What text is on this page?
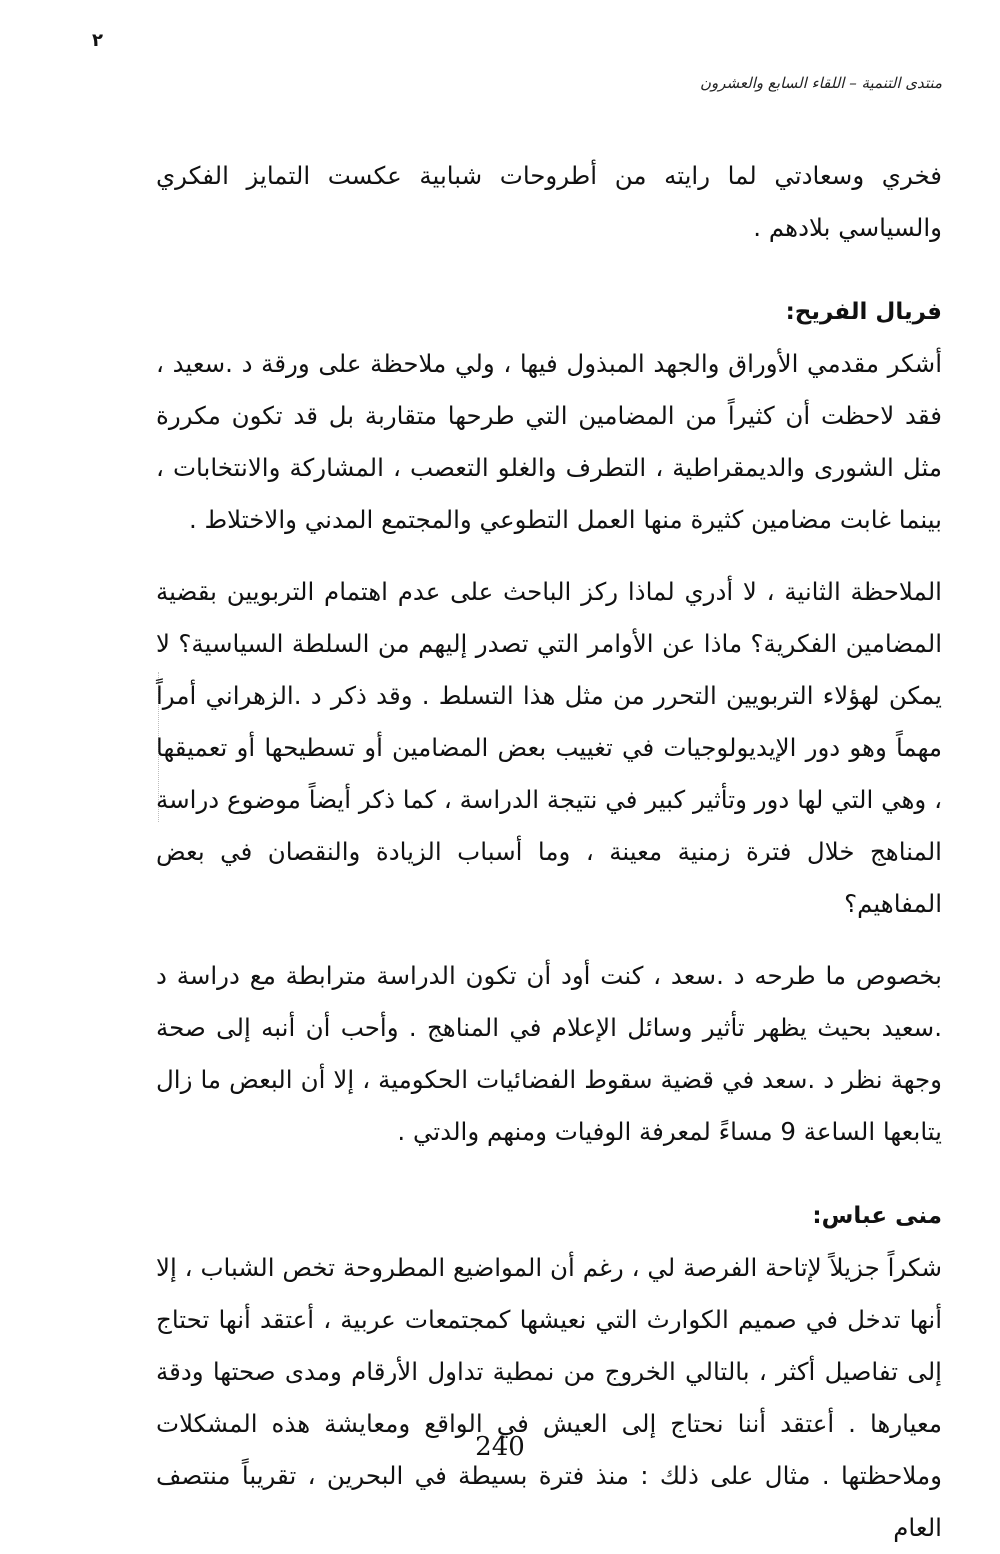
٢
منتدى التنمية – اللقاء السابع والعشرون

فخري وسعادتي لما رايته من أطروحات شبابية عكست التمايز الفكري والسياسي بلادهم .

فريال الفريح:

أشكر مقدمي الأوراق والجهد المبذول فيها ، ولي ملاحظة على ورقة د .سعيد ، فقد لاحظت أن كثيراً من المضامين التي طرحها متقاربة بل قد تكون مكررة مثل الشورى والديمقراطية ، التطرف والغلو التعصب ، المشاركة والانتخابات ، بينما غابت مضامين كثيرة منها العمل التطوعي والمجتمع المدني والاختلاط .

الملاحظة الثانية ، لا أدري لماذا ركز الباحث على عدم اهتمام التربويين بقضية المضامين الفكرية؟ ماذا عن الأوامر التي تصدر إليهم من السلطة السياسية؟ لا يمكن لهؤلاء التربويين التحرر من مثل هذا التسلط . وقد ذكر د .الزهراني أمراً مهماً وهو دور الإيديولوجيات في تغييب بعض المضامين أو تسطيحها أو تعميقها ، وهي التي لها دور وتأثير كبير في نتيجة الدراسة ، كما ذكر أيضاً موضوع دراسة المناهج خلال فترة زمنية معينة ، وما أسباب الزيادة والنقصان في بعض المفاهيم؟

بخصوص ما طرحه د .سعد ، كنت أود أن تكون الدراسة مترابطة مع دراسة د .سعيد بحيث يظهر تأثير وسائل الإعلام في المناهج . وأحب أن أنبه إلى صحة وجهة نظر د .سعد في قضية سقوط الفضائيات الحكومية ، إلا أن البعض ما زال يتابعها الساعة 9 مساءً لمعرفة الوفيات ومنهم والدتي .

منى عباس:

شكراً جزيلاً لإتاحة الفرصة لي ، رغم أن المواضيع المطروحة تخص الشباب ، إلا أنها تدخل في صميم الكوارث التي نعيشها كمجتمعات عربية ، أعتقد أنها تحتاج إلى تفاصيل أكثر ، بالتالي الخروج من نمطية تداول الأرقام ومدى صحتها ودقة معيارها . أعتقد أننا نحتاج إلى العيش في الواقع ومعايشة هذه المشكلات وملاحظتها . مثال على ذلك : منذ فترة بسيطة في البحرين ، تقريباً منتصف العام

240
